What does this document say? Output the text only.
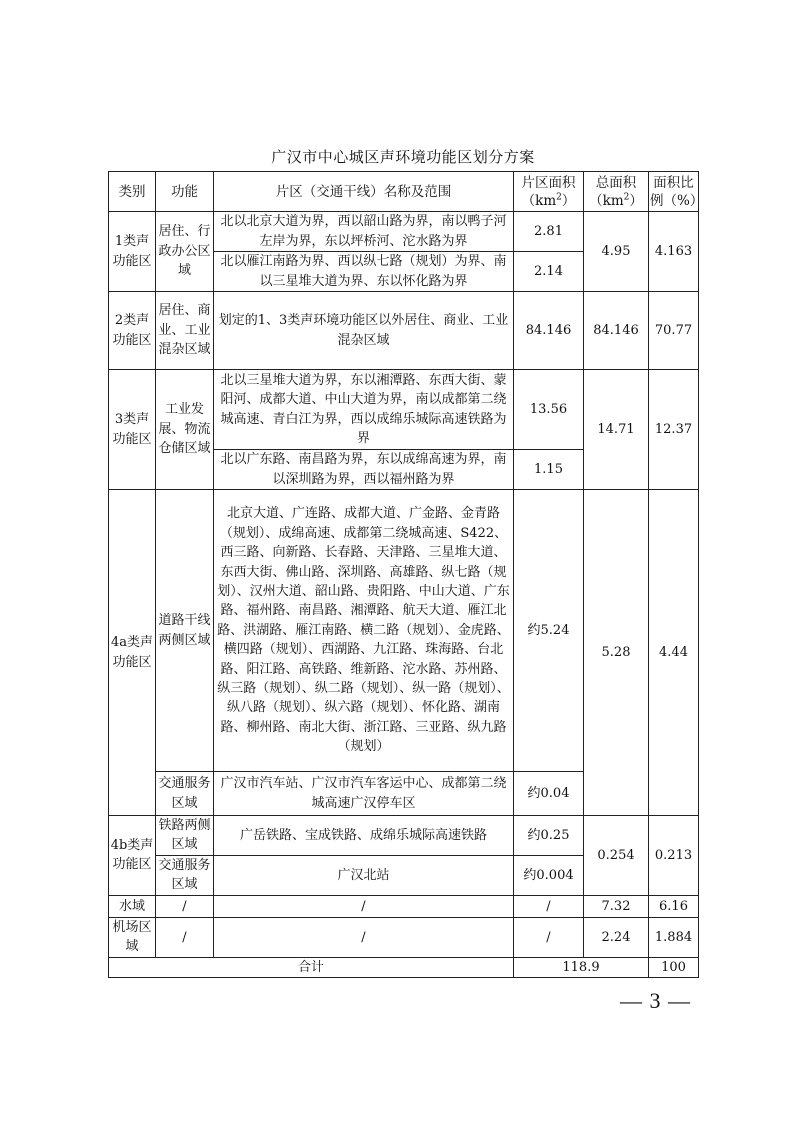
广汉市中心城区声环境功能区划分方案
类别	功能	片区（交通干线）名称及范围	片区面积$(km^2)$	总面积$(km^2)$	面积比例（%）
1类声功能区	居住、行政办公区域	北以北京大道为界，西以韶山路为界，南以鸭子河左岸为界，东以坪桥河、沱水路为界	2.81	4.95	4.163
		北以雁江南路为界、西以纵七路（规划）为界、南以三星堆大道为界、东以怀化路为界	2.14		
2类声功能区	居住、商业、工业混杂区域	划定的1、3类声环境功能区以外居住、商业、工业混杂区域	84.146	84.146	70.77
3类声功能区	工业发展、物流仓储区域	北以三星堆大道为界，东以湘潭路、东西大街、蒙阳河、成都大道、中山大道为界，南以成都第二绕城高速、青白江为界，西以成绵乐城际高速铁路为界	13.56	14.71	12.37
		北以广东路、南昌路为界，东以成绵高速为界，南以深圳路为界，西以福州路为界	1.15		
4a类声功能区	道路干线两侧区域	北京大道、广连路、成都大道、广金路、金青路（规划）、成绵高速、成都第二绕城高速、S422、西三路、向新路、长春路、天津路、三星堆大道、东西大街、佛山路、深圳路、高雄路、纵七路（规划）、汉州大道、韶山路、贵阳路、中山大道、广东路、福州路、南昌路、湘潭路、航天大道、雁江北路、洪湖路、雁江南路、横二路（规划）、金虎路、横四路（规划）、西湖路、九江路、珠海路、台北路、阳江路、高铁路、维新路、沱水路、苏州路、纵三路（规划）、纵二路（规划）、纵一路（规划）、纵八路（规划）、纵六路（规划）、怀化路、湖南路、柳州路、南北大街、浙江路、三亚路、纵九路（规划）	约5.24	5.28	4.44
	交通服务区域	广汉市汽车站、广汉市汽车客运中心、成都第二绕城高速广汉停车区	约0.04		
4b类声功能区	铁路两侧区域	广岳铁路、宝成铁路、成绵乐城际高速铁路	约0.25	0.254	0.213
	交通服务区域	广汉北站	约0.004		
水域	/	/	/	7.32	6.16
机场区域	/	/	/	2.24	1.884
合计			118.9		100
— 3 —
